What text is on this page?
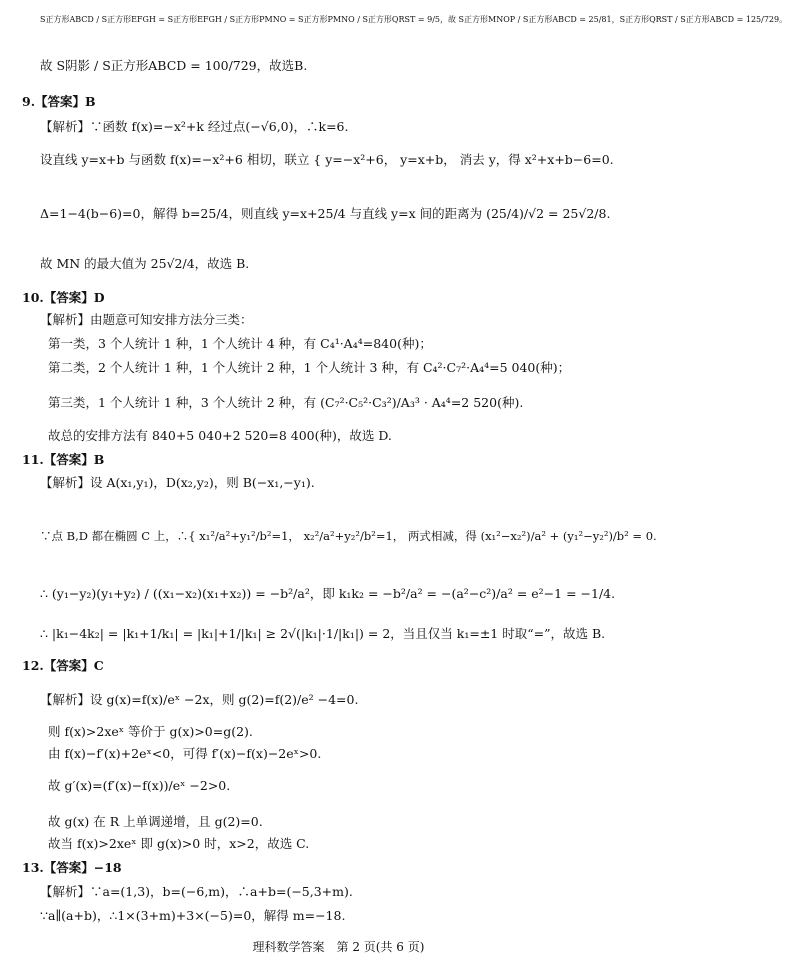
S正方形ABCD / S正方形EFGH = S正方形EFGH / S正方形PMNO = S正方形PMNO / S正方形QRST = 9/5，故 S正方形MNOP / S正方形ABCD = 25/81，S正方形QRST / S正方形ABCD = 125/729。
故 S阴影 / S正方形ABCD = 100/729，故选B.
9.【答案】B
【解析】∵函数 f(x)=−x²+k 经过点(−√6,0)，∴k=6.
设直线 y=x+b 与函数 f(x)=−x²+6 相切，联立 { y=−x²+6， y=x+b， 消去 y，得 x²+x+b−6=0.
Δ=1−4(b−6)=0，解得 b=25/4，则直线 y=x+25/4 与直线 y=x 间的距离为 (25/4)/√2 = 25√2/8.
故 MN 的最大值为 25√2/4，故选 B.
10.【答案】D
【解析】由题意可知安排方法分三类：
第一类，3 个人统计 1 种，1 个人统计 4 种，有 C₄¹·A₄⁴=840(种)；
第二类，2 个人统计 1 种，1 个人统计 2 种，1 个人统计 3 种，有 C₄²·C₇²·A₄⁴=5 040(种)；
第三类，1 个人统计 1 种，3 个人统计 2 种，有 (C₇²·C₅²·C₃²)/A₃³ · A₄⁴=2 520(种).
故总的安排方法有 840+5 040+2 520=8 400(种)，故选 D.
11.【答案】B
【解析】设 A(x₁,y₁)，D(x₂,y₂)，则 B(−x₁,−y₁).
∵点 B,D 都在椭圆 C 上，∴{ x₁²/a²+y₁²/b²=1， x₂²/a²+y₂²/b²=1， 两式相减，得 (x₁²−x₂²)/a² + (y₁²−y₂²)/b² = 0.
∴ (y₁−y₂)(y₁+y₂) / ((x₁−x₂)(x₁+x₂)) = −b²/a²，即 k₁k₂ = −b²/a² = −(a²−c²)/a² = e²−1 = −1/4.
∴ |k₁−4k₂| = |k₁+1/k₁| = |k₁|+1/|k₁| ≥ 2√(|k₁|·1/|k₁|) = 2，当且仅当 k₁=±1 时取“=”，故选 B.
12.【答案】C
【解析】设 g(x)=f(x)/eˣ −2x，则 g(2)=f(2)/e² −4=0.
则 f(x)>2xeˣ 等价于 g(x)>0=g(2).
由 f(x)−f′(x)+2eˣ<0，可得 f′(x)−f(x)−2eˣ>0.
故 g′(x)=(f′(x)−f(x))/eˣ −2>0.
故 g(x) 在 R 上单调递增，且 g(2)=0.
故当 f(x)>2xeˣ 即 g(x)>0 时，x>2，故选 C.
13.【答案】−18
【解析】∵a=(1,3)，b=(−6,m)，∴a+b=(−5,3+m).
∵a∥(a+b)，∴1×(3+m)+3×(−5)=0，解得 m=−18.
理科数学答案　第 2 页(共 6 页)
